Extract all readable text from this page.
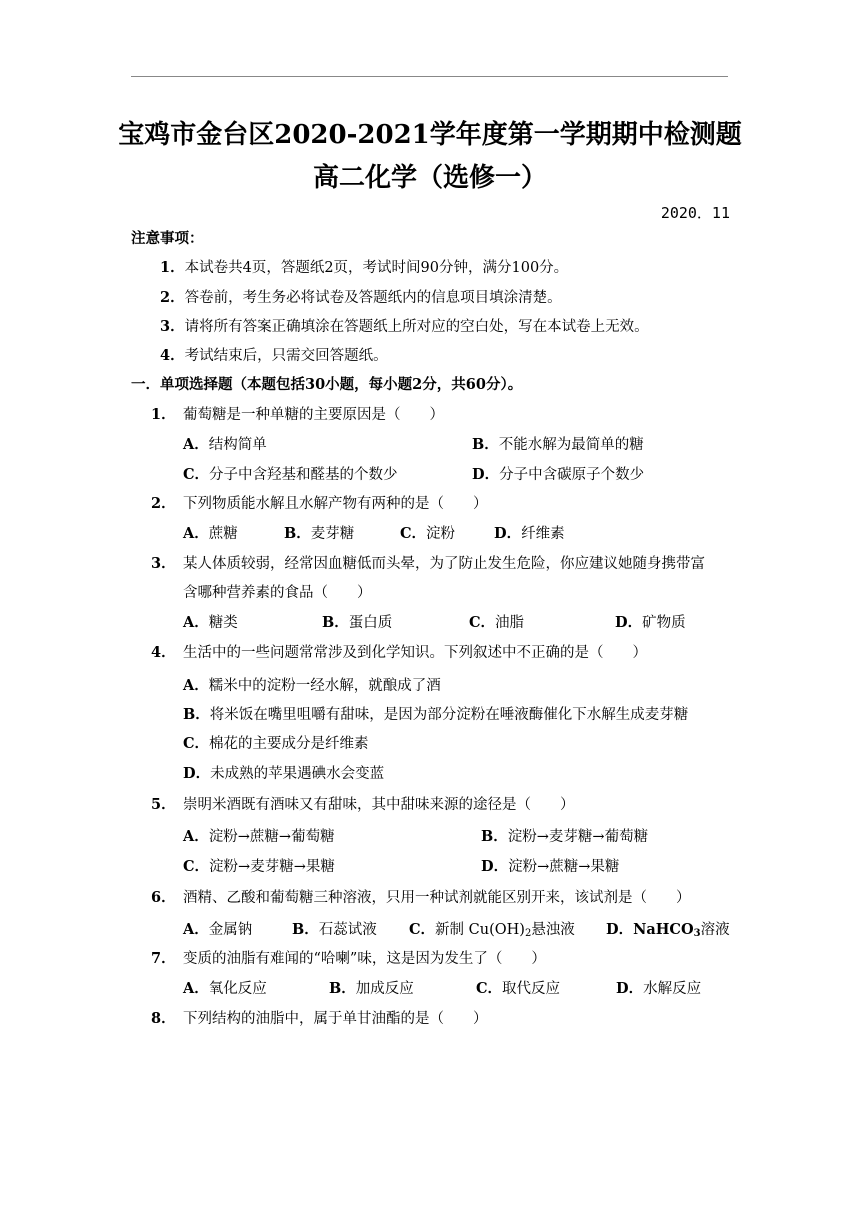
宝鸡市金台区2020-2021学年度第一学期期中检测题
高二化学（选修一）
2020．11
注意事项：
1．本试卷共4页，答题纸2页，考试时间90分钟，满分100分。
2．答卷前，考生务必将试卷及答题纸内的信息项目填涂清楚。
3．请将所有答案正确填涂在答题纸上所对应的空白处，写在本试卷上无效。
4．考试结束后，只需交回答题纸。
一．单项选择题（本题包括30小题，每小题2分，共60分）。
1． 葡萄糖是一种单糖的主要原因是（　　）
A．结构简单	B．不能水解为最简单的糖
C．分子中含羟基和醛基的个数少	D．分子中含碳原子个数少
2． 下列物质能水解且水解产物有两种的是（　　）
A．蔗糖	B．麦芽糖	C．淀粉	D．纤维素
3． 某人体质较弱，经常因血糖低而头晕，为了防止发生危险，你应建议她随身携带富
含哪种营养素的食品（　　）
A．糖类	B．蛋白质	C．油脂	D．矿物质
4． 生活中的一些问题常常涉及到化学知识。下列叙述中不正确的是（　　）
A．糯米中的淀粉一经水解，就酿成了酒
B．将米饭在嘴里咀嚼有甜味，是因为部分淀粉在唾液酶催化下水解生成麦芽糖
C．棉花的主要成分是纤维素
D．未成熟的苹果遇碘水会变蓝
5． 崇明米酒既有酒味又有甜味，其中甜味来源的途径是（　　）
A．淀粉→蔗糖→葡萄糖	B．淀粉→麦芽糖→葡萄糖
C．淀粉→麦芽糖→果糖	D．淀粉→蔗糖→果糖
6． 酒精、乙酸和葡萄糖三种溶液，只用一种试剂就能区别开来，该试剂是（　　）
A．金属钠	B．石蕊试液 C．新制 $Cu(OH)_2$悬浊液 D．NaHCO$_3$溶液
7． 变质的油脂有难闻的“哈喇”味，这是因为发生了（　　）
A．氧化反应	B．加成反应	C．取代反应	D．水解反应
8． 下列结构的油脂中，属于单甘油酯的是（　　）
